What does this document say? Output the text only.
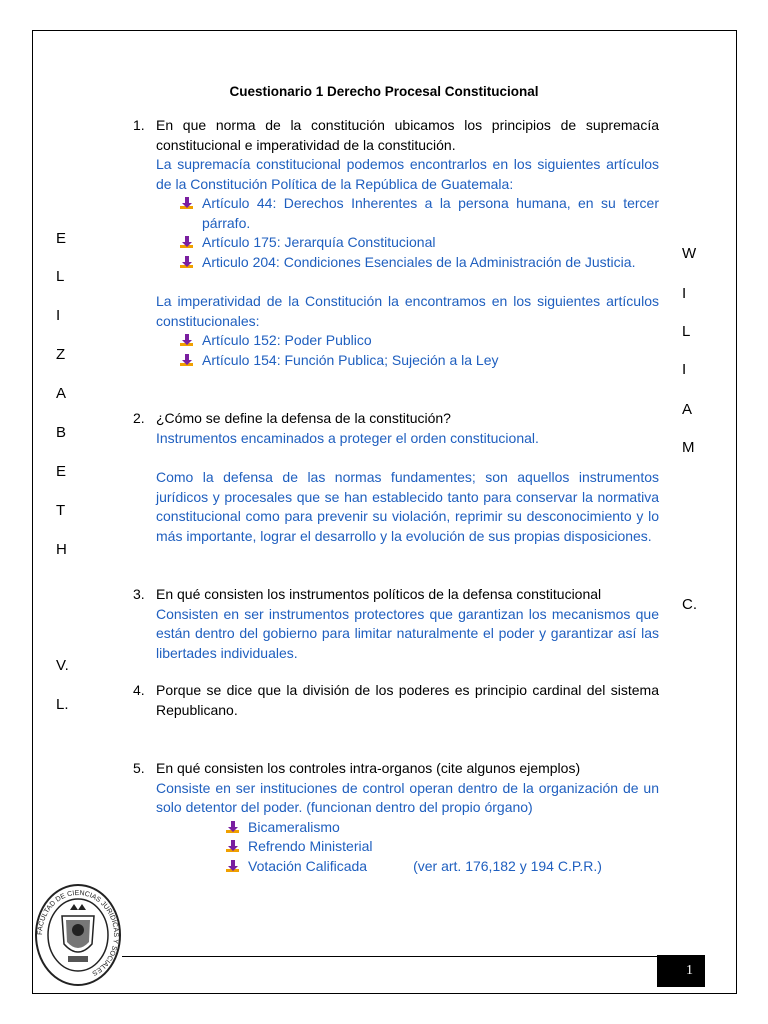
Cuestionario 1 Derecho Procesal Constitucional
E
L
I
Z
A
B
E
T
H
V.
L.
W
I
L
I
A
M
C.
1. En que norma de la constitución ubicamos los principios de supremacía constitucional e imperatividad de la constitución.
La supremacía constitucional podemos encontrarlos en los siguientes artículos de la Constitución Política de la República de Guatemala:
Artículo 44: Derechos Inherentes a la persona humana, en su tercer párrafo.
Artículo 175: Jerarquía Constitucional
Articulo 204: Condiciones Esenciales de la Administración de Justicia.
La imperatividad de la Constitución la encontramos en los siguientes artículos constitucionales:
Artículo 152: Poder Publico
Artículo 154: Función Publica; Sujeción a la Ley
2. ¿Cómo se define la defensa de la constitución?
Instrumentos encaminados a proteger el orden constitucional.
Como la defensa de las normas fundamentes; son aquellos instrumentos jurídicos y procesales que se han establecido tanto para conservar la normativa constitucional como para prevenir su violación, reprimir su desconocimiento y lo más importante, lograr el desarrollo y la evolución de sus propias disposiciones.
3. En qué consisten los instrumentos políticos de la defensa constitucional
Consisten en ser instrumentos protectores que garantizan los mecanismos que están dentro del gobierno para limitar naturalmente el poder y garantizar así las libertades individuales.
4. Porque se dice que la división de los poderes es principio cardinal del sistema Republicano.
5. En qué consisten los controles intra-organos (cite algunos ejemplos)
Consiste en ser instituciones de control operan dentro de la organización de un solo detentor del poder. (funcionan dentro del propio órgano)
Bicameralismo
Refrendo Ministerial
Votación Calificada	(ver art. 176,182 y 194 C.P.R.)
FACULTAD DE CIENCIAS JURIDICAS Y SOCIALES	1
